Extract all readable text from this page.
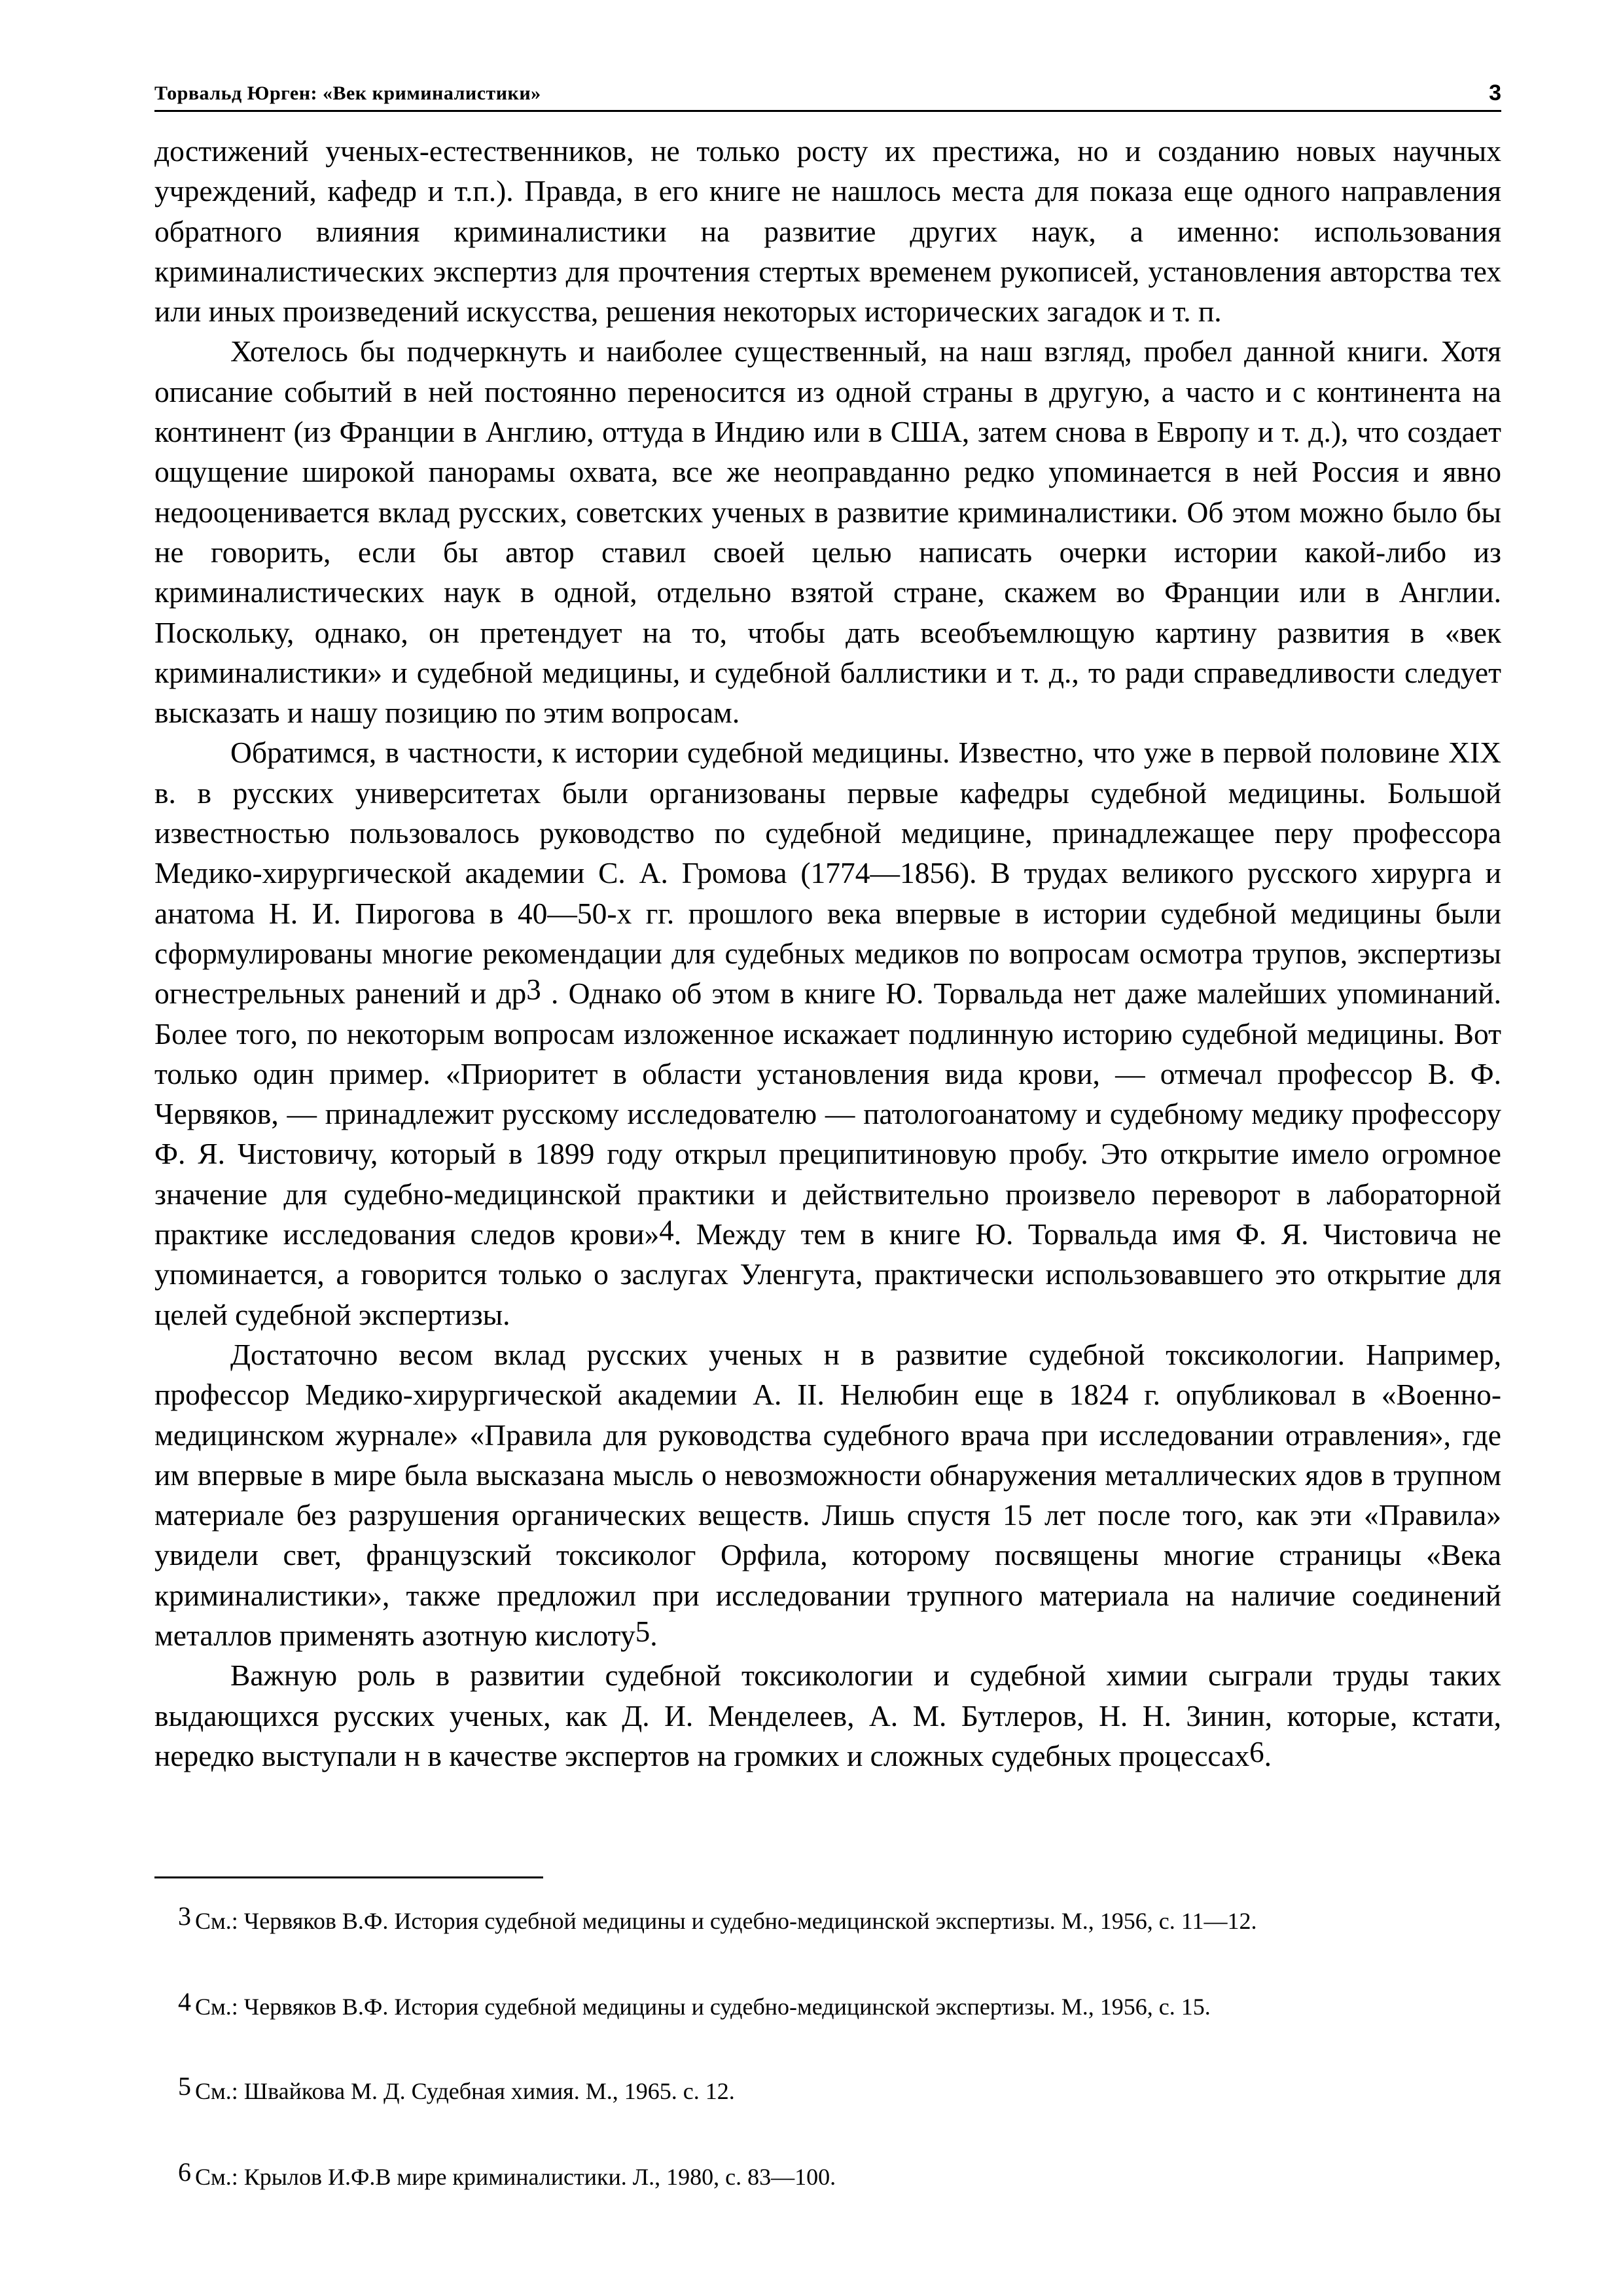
Торвальд Юрген: «Век криминалистики»	3

достижений ученых-естественников, не только росту их престижа, но и созданию новых научных учреждений, кафедр и т.п.). Правда, в его книге не нашлось места для показа еще одного направления обратного влияния криминалистики на развитие других наук, а именно: использования криминалистических экспертиз для прочтения стертых временем рукописей, установления авторства тех или иных произведений искусства, решения некоторых исторических загадок и т. п.

Хотелось бы подчеркнуть и наиболее существенный, на наш взгляд, пробел данной книги. Хотя описание событий в ней постоянно переносится из одной страны в другую, а часто и с континента на континент (из Франции в Англию, оттуда в Индию или в США, затем снова в Европу и т. д.), что создает ощущение широкой панорамы охвата, все же неоправданно редко упоминается в ней Россия и явно недооценивается вклад русских, советских ученых в развитие криминалистики. Об этом можно было бы не говорить, если бы автор ставил своей целью написать очерки истории какой-либо из криминалистических наук в одной, отдельно взятой стране, скажем во Франции или в Англии. Поскольку, однако, он претендует на то, чтобы дать всеобъемлющую картину развития в «век криминалистики» и судебной медицины, и судебной баллистики и т. д., то ради справедливости следует высказать и нашу позицию по этим вопросам.

Обратимся, в частности, к истории судебной медицины. Известно, что уже в первой половине XIX в. в русских университетах были организованы первые кафедры судебной медицины. Большой известностью пользовалось руководство по судебной медицине, принадлежащее перу профессора Медико-хирургической академии С. А. Громова (1774—1856). В трудах великого русского хирурга и анатома Н. И. Пирогова в 40—50-х гг. прошлого века впервые в истории судебной медицины были сформулированы многие рекомендации для судебных медиков по вопросам осмотра трупов, экспертизы огнестрельных ранений и $др^3$ . Однако об этом в книге Ю. Торвальда нет даже малейших упоминаний. Более того, по некоторым вопросам изложенное искажает подлинную историю судебной медицины. Вот только один пример. «Приоритет в области установления вида крови, — отмечал профессор В. Ф. Червяков, — принадлежит русскому исследователю — патологоанатому и судебному медику профессору Ф. Я. Чистовичу, который в 1899 году открыл преципитиновую пробу. Это открытие имело огромное значение для судебно-медицинской практики и действительно произвело переворот в лабораторной практике исследования следов крови»$^4$. Между тем в книге Ю. Торвальда имя Ф. Я. Чистовича не упоминается, а говорится только о заслугах Уленгута, практически использовавшего это открытие для целей судебной экспертизы.

Достаточно весом вклад русских ученых н в развитие судебной токсикологии. Например, профессор Медико-хирургической академии А. II. Нелюбин еще в 1824 г. опубликовал в «Военно-медицинском журнале» «Правила для руководства судебного врача при исследовании отравления», где им впервые в мире была высказана мысль о невозможности обнаружения металлических ядов в трупном материале без разрушения органических веществ. Лишь спустя 15 лет после того, как эти «Правила» увидели свет, французский токсиколог Орфила, которому посвящены многие страницы «Века криминалистики», также предложил при исследовании трупного материала на наличие соединений металлов применять азотную кислоту$^5$.

Важную роль в развитии судебной токсикологии и судебной химии сыграли труды таких выдающихся русских ученых, как Д. И. Менделеев, А. М. Бутлеров, Н. Н. Зинин, которые, кстати, нередко выступали н в качестве экспертов на громких и сложных судебных процессах$^6$.

3 См.: Червяков В.Ф. История судебной медицины и судебно-медицинской экспертизы. М., 1956, с. 11—12.

4 См.: Червяков В.Ф. История судебной медицины и судебно-медицинской экспертизы. М., 1956, с. 15.

5 См.: Швайкова М. Д. Судебная химия. М., 1965. с. 12.

6 См.: Крылов И.Ф.В мире криминалистики. Л., 1980, с. 83—100.
